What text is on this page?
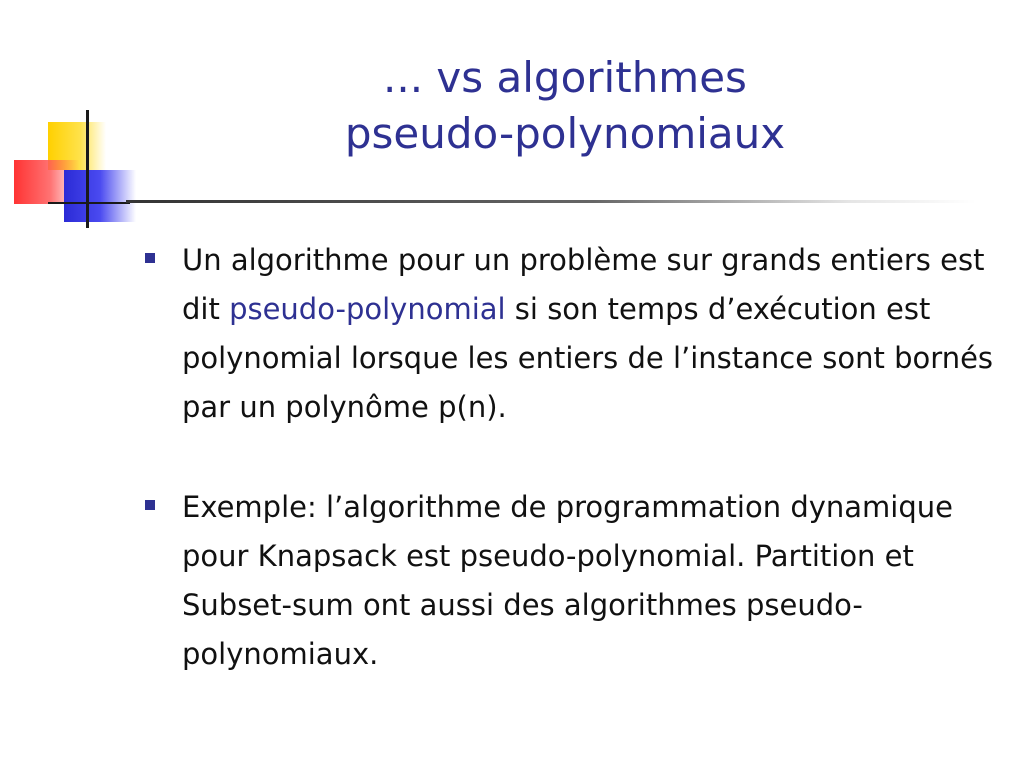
... vs algorithmes
pseudo-polynomiaux
Un algorithme pour un problème sur grands entiers est dit pseudo-polynomial si son temps d’exécution est polynomial lorsque les entiers de l’instance sont bornés par un polynôme p(n).
Exemple: l’algorithme de programmation dynamique pour Knapsack est pseudo-polynomial. Partition et Subset-sum ont aussi des algorithmes pseudo-polynomiaux.
